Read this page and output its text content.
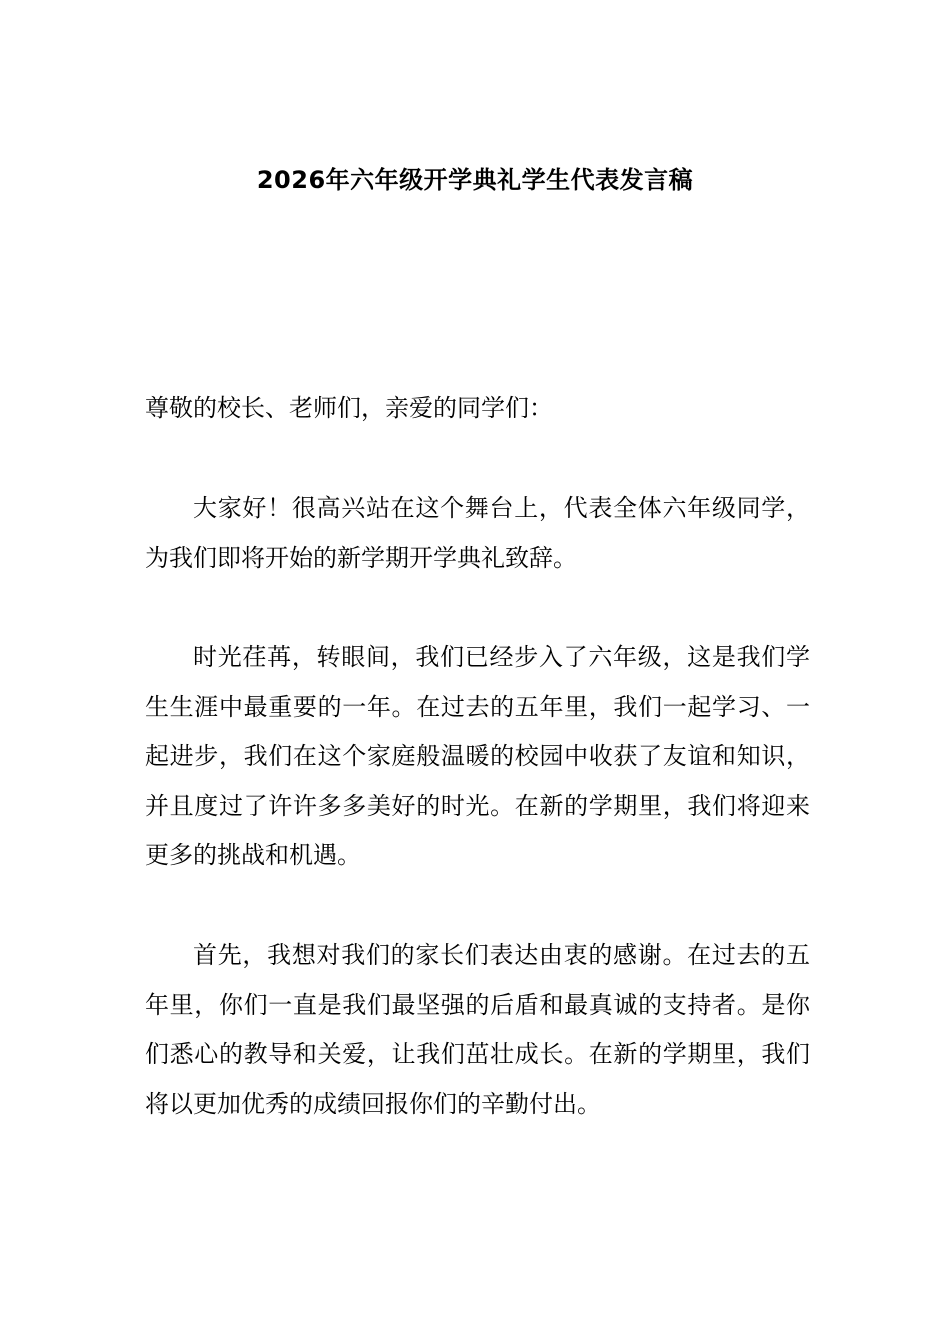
2026年六年级开学典礼学生代表发言稿
尊敬的校长、老师们，亲爱的同学们：

大家好！很高兴站在这个舞台上，代表全体六年级同学，为我们即将开始的新学期开学典礼致辞。

时光荏苒，转眼间，我们已经步入了六年级，这是我们学生生涯中最重要的一年。在过去的五年里，我们一起学习、一起进步，我们在这个家庭般温暖的校园中收获了友谊和知识，并且度过了许许多多美好的时光。在新的学期里，我们将迎来更多的挑战和机遇。

首先，我想对我们的家长们表达由衷的感谢。在过去的五年里，你们一直是我们最坚强的后盾和最真诚的支持者。是你们悉心的教导和关爱，让我们茁壮成长。在新的学期里，我们将以更加优秀的成绩回报你们的辛勤付出。
